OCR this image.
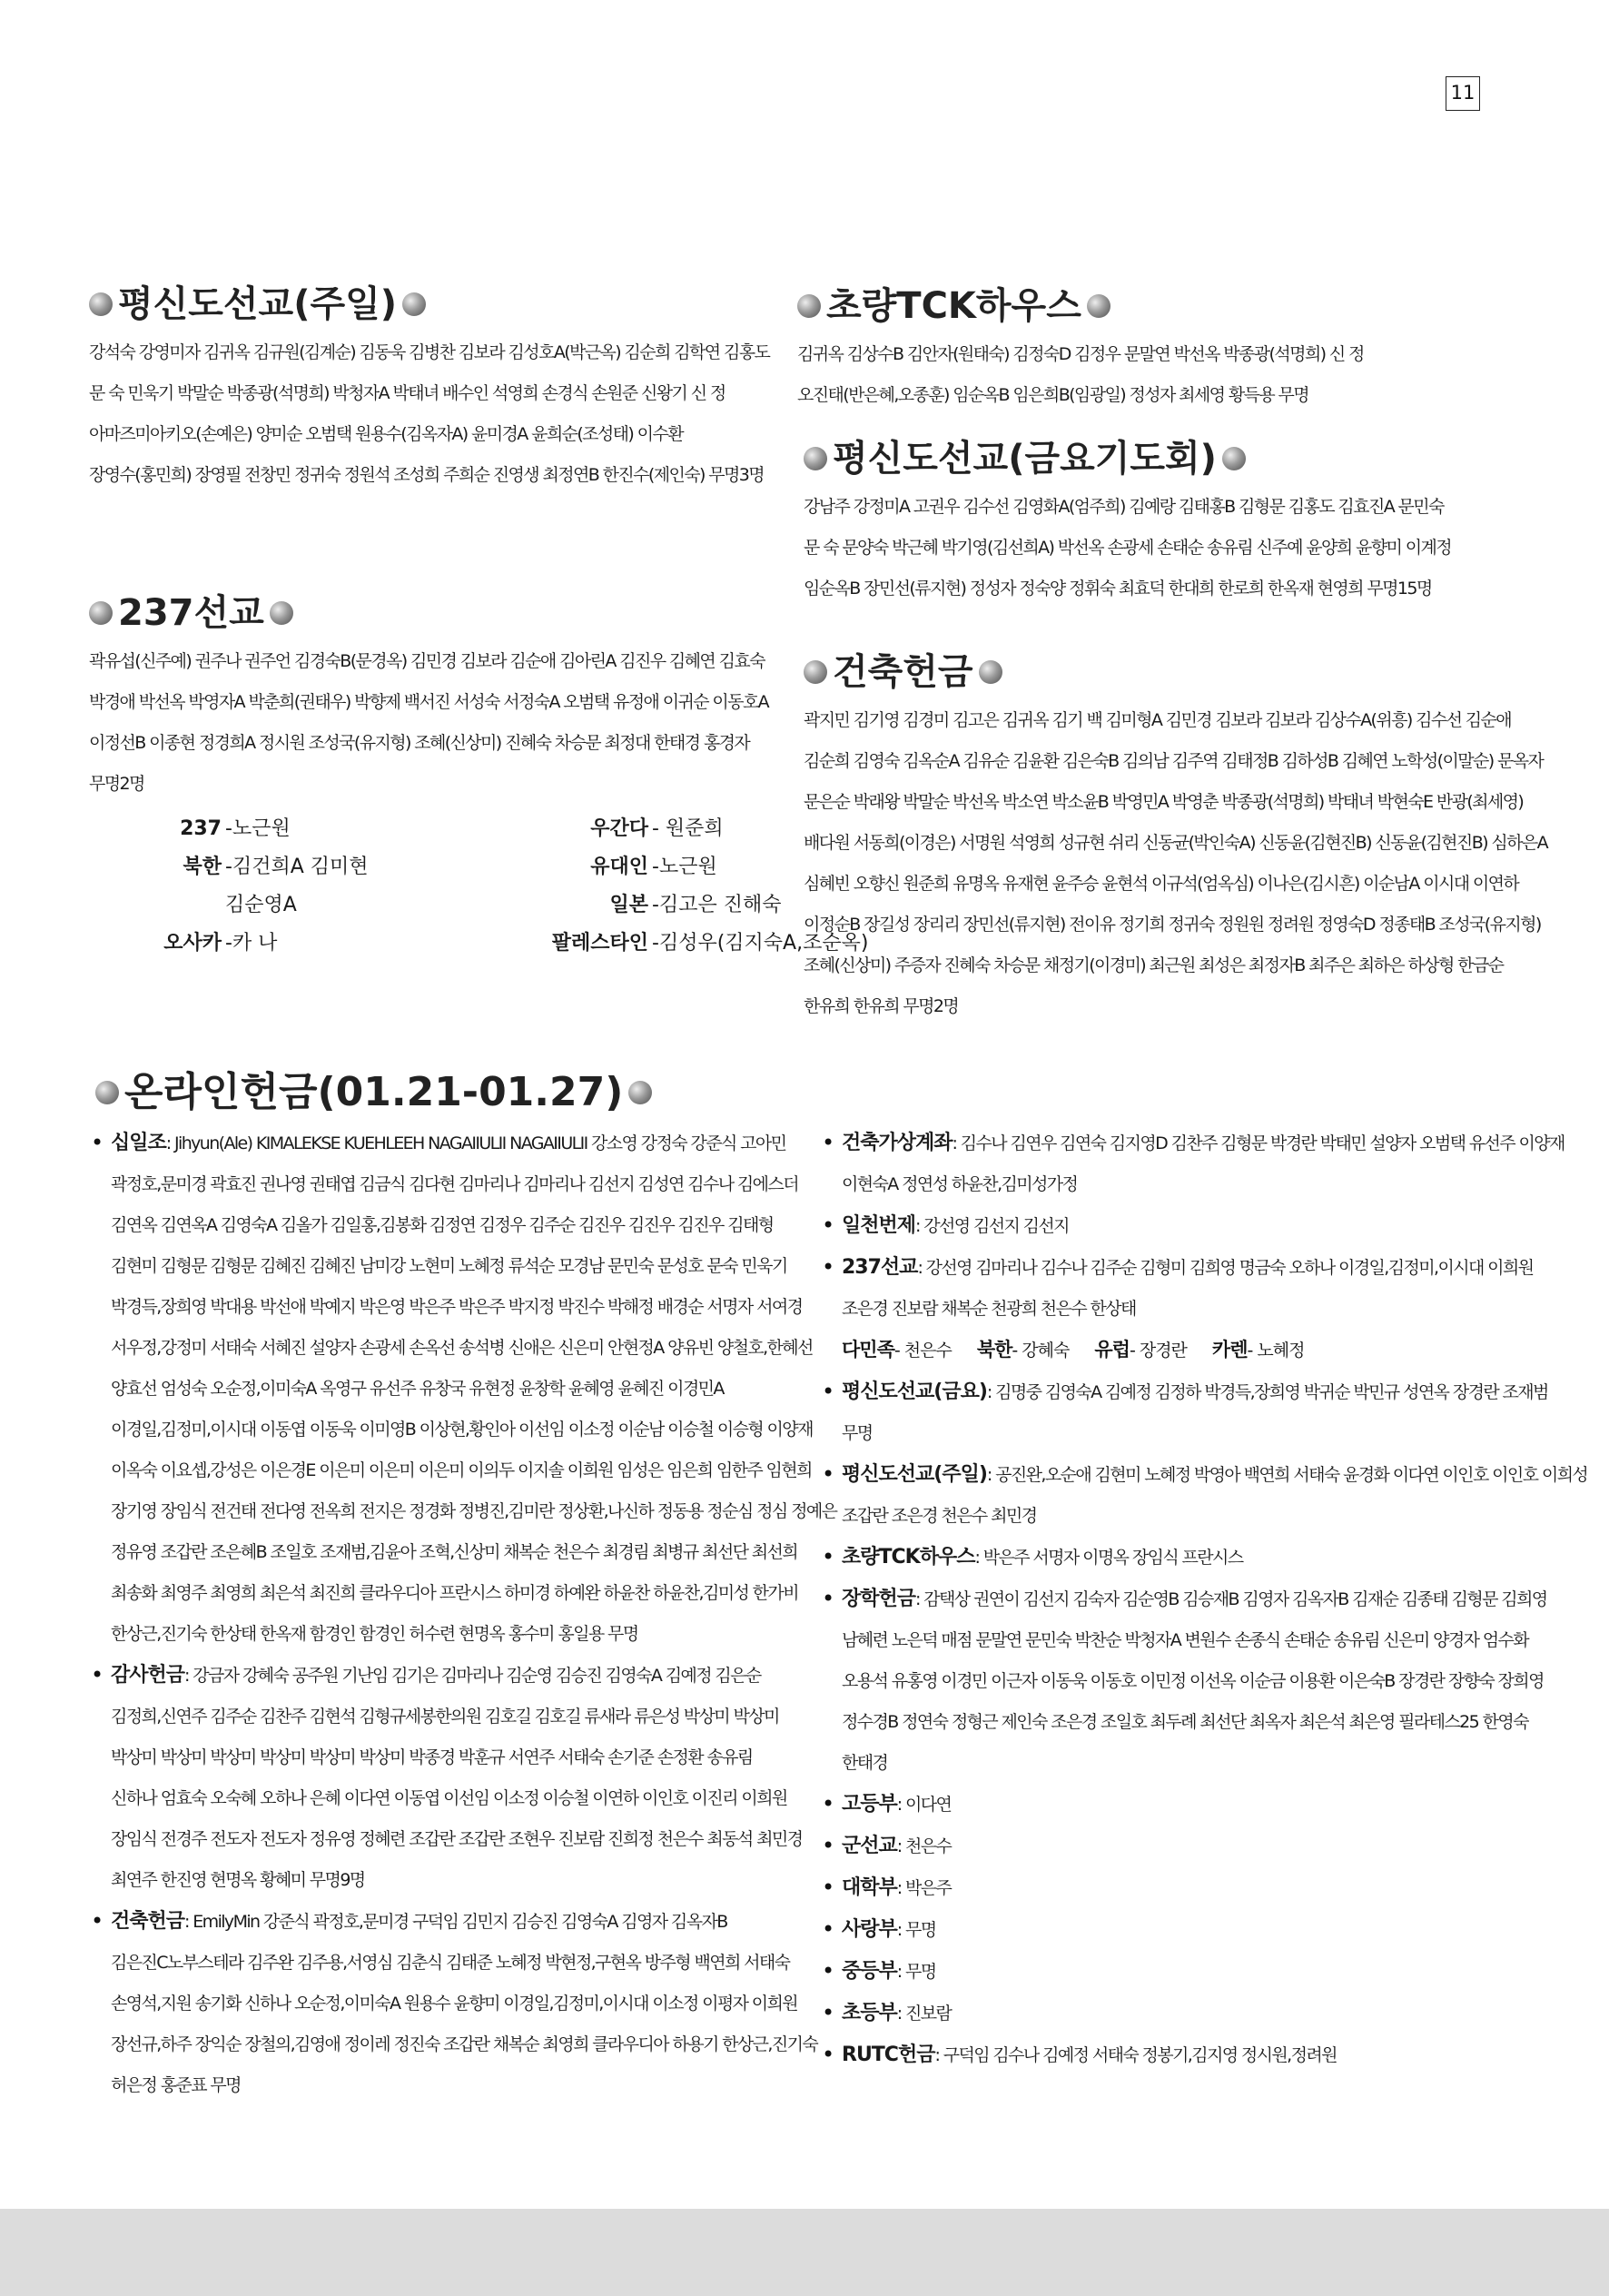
11
평신도선교(주일)
강석숙 강영미자 김귀옥 김규원(김계순) 김동욱 김병찬 김보라 김성호A(박근옥) 김순희 김학연 김홍도
문 숙 민욱기 박말순 박종광(석명희) 박청자A 박태녀 배수인 석영희 손경식 손원준 신왕기 신 정
아마즈미아키오(손예은) 양미순 오범택 원용수(김옥자A) 윤미경A 윤희순(조성태) 이수환
장영수(홍민희) 장영필 전창민 정귀숙 정원석 조성희 주희순 진영생 최정연B 한진수(제인숙) 무명3명
237선교
곽유섭(신주예) 권주나 권주언 김경숙B(문경옥) 김민경 김보라 김순애 김아린A 김진우 김혜연 김효숙
박경애 박선옥 박영자A 박춘희(권태우) 박향제 백서진 서성숙 서정숙A 오범택 유정애 이귀순 이동호A
이정선B 이종현 정경희A 정시원 조성국(유지형) 조혜(신상미) 진혜숙 차승문 최정대 한태경 홍경자
무명2명
237 -노근원	우간다 - 원준희
북한 -김건희A 김미현	유대인 -노근원
김순영A	일본 -김고은 진해숙
오사카 -카 나	팔레스타인 -김성우(김지숙A,조순옥)
초량TCK하우스
김귀옥 김상수B 김안자(원태숙) 김정숙D 김정우 문말연 박선옥 박종광(석명희) 신 정
오진태(반은혜,오종훈) 임순옥B 임은희B(임광일) 정성자 최세영 황득용 무명
평신도선교(금요기도회)
강남주 강정미A 고권우 김수선 김영화A(엄주희) 김예랑 김태홍B 김형문 김홍도 김효진A 문민숙
문 숙 문양숙 박근혜 박기영(김선희A) 박선옥 손광세 손태순 송유림 신주예 윤양희 윤향미 이계정
임순옥B 장민선(류지현) 정성자 정숙양 정휘숙 최효덕 한대희 한로희 한옥재 현영희 무명15명
건축헌금
곽지민 김기영 김경미 김고은 김귀옥 김기 백 김미형A 김민경 김보라 김보라 김상수A(위흥) 김수선 김순애
김순희 김영숙 김옥순A 김유순 김윤환 김은숙B 김의남 김주역 김태정B 김하성B 김혜연 노학성(이말순) 문옥자
문은순 박래왕 박말순 박선옥 박소연 박소윤B 박영민A 박영춘 박종광(석명희) 박태녀 박현숙E 반광(최세영)
배다원 서동희(이경은) 서명원 석영희 성규현 쉬리 신동균(박인숙A) 신동윤(김현진B) 신동윤(김현진B) 심하은A
심혜빈 오향신 원준희 유명옥 유재현 윤주승 윤현석 이규석(엄옥심) 이나은(김시흔) 이순남A 이시대 이연하
이정순B 장길성 장리리 장민선(류지현) 전이유 정기희 정귀숙 정원원 정려원 정영숙D 정종태B 조성국(유지형)
조혜(신상미) 주증자 진혜숙 차승문 채정기(이경미) 최근원 최성은 최정자B 최주은 최하은 하상형 한금순
한유희 한유희 무명2명
온라인헌금(01.21-01.27)
• 십일조: Jihyun(Ale) KIMALEKSE KUEHLEEH NAGAIIULII NAGAIIULII 강소영 강정숙 강준식 고아민
곽정호,문미경 곽효진 권나영 권태엽 김금식 김다현 김마리나 김마리나 김선지 김성연 김수나 김에스더
김연옥 김연옥A 김영숙A 김올가 김일홍,김봉화 김정연 김정우 김주순 김진우 김진우 김진우 김태형
김현미 김형문 김형문 김혜진 김혜진 남미강 노현미 노혜정 류석순 모경남 문민숙 문성호 문숙 민욱기
박경득,장희영 박대용 박선애 박예지 박은영 박은주 박은주 박지정 박진수 박해정 배경순 서명자 서여경
서우정,강정미 서태숙 서혜진 설양자 손광세 손옥선 송석병 신애은 신은미 안현정A 양유빈 양철호,한혜선
양효선 엄성숙 오순정,이미숙A 옥영구 유선주 유창국 유현정 윤창학 윤혜영 윤혜진 이경민A
이경일,김정미,이시대 이동엽 이동욱 이미영B 이상현,황인아 이선임 이소정 이순남 이승철 이승형 이양재
이옥숙 이요셉,강성은 이은경E 이은미 이은미 이은미 이의두 이지솔 이희원 임성은 임은희 임한주 임현희
장기영 장임식 전건태 전다영 전옥희 전지은 정경화 정병진,김미란 정상환,나신하 정동용 정순심 정심 정예은
정유영 조갑란 조은혜B 조일호 조재범,김윤아 조혁,신상미 채복순 천은수 최경림 최병규 최선단 최선희
최송화 최영주 최영희 최은석 최진희 클라우디아 프란시스 하미경 하예완 하윤찬 하윤찬,김미성 한가비
한상근,진기숙 한상태 한옥재 함경인 함경인 허수련 현명옥 홍수미 홍일용 무명
• 감사헌금: 강금자 강혜숙 공주원 기난임 김기은 김마리나 김순영 김승진 김영숙A 김예정 김은순
김정희,신연주 김주순 김찬주 김현석 김형규세봉한의원 김호길 김호길 류새라 류은성 박상미 박상미
박상미 박상미 박상미 박상미 박상미 박상미 박종경 박훈규 서연주 서태숙 손기준 손정환 송유림
신하나 엄효숙 오숙혜 오하나 은혜 이다연 이동엽 이선임 이소정 이승철 이연하 이인호 이진리 이희원
장임식 전경주 전도자 전도자 정유영 정혜련 조갑란 조갑란 조현우 진보람 진희정 천은수 최동석 최민경
최연주 한진영 현명옥 황혜미 무명9명
• 건축헌금: EmilyMin 강준식 곽정호,문미경 구덕임 김민지 김승진 김영숙A 김영자 김옥자B
김은진C노부스테라 김주완 김주용,서영심 김춘식 김태준 노혜정 박현정,구현옥 방주형 백연희 서태숙
손영석,지원 송기화 신하나 오순정,이미숙A 원용수 윤향미 이경일,김정미,이시대 이소정 이평자 이희원
장선규,하주 장익순 장철의,김영애 정이레 정진숙 조갑란 채복순 최영희 클라우디아 하용기 한상근,진기숙
허은정 홍준표 무명
• 건축가상계좌: 김수나 김연우 김연숙 김지영D 김찬주 김형문 박경란 박태민 설양자 오범택 유선주 이양재
이현숙A 정연성 하윤찬,김미성가정
• 일천번제: 강선영 김선지 김선지
• 237선교: 강선영 김마리나 김수나 김주순 김형미 김희영 명금숙 오하나 이경일,김정미,이시대 이희원
조은경 진보람 채복순 천광희 천은수 한상태
다민족- 천은수 북한- 강혜숙 유럽- 장경란 카렌- 노혜정
• 평신도선교(금요): 김명중 김영숙A 김예정 김정하 박경득,장희영 박귀순 박민규 성연옥 장경란 조재범
무명
• 평신도선교(주일): 공진완,오순애 김현미 노혜정 박영아 백연희 서태숙 윤경화 이다연 이인호 이인호 이희성
조갑란 조은경 천은수 최민경
• 초량TCK하우스: 박은주 서명자 이명옥 장임식 프란시스
• 장학헌금: 감택상 권연이 김선지 김숙자 김순영B 김승재B 김영자 김옥자B 김재순 김종태 김형문 김희영
남혜련 노은덕 매점 문말연 문민숙 박찬순 박청자A 변원수 손종식 손태순 송유림 신은미 양경자 엄수화
오용석 유홍영 이경민 이근자 이동욱 이동호 이민정 이선옥 이순금 이용환 이은숙B 장경란 장향숙 장희영
정수경B 정연숙 정형근 제인숙 조은경 조일호 최두례 최선단 최옥자 최은석 최은영 필라테스25 한영숙
한태경
• 고등부: 이다연
• 군선교: 천은수
• 대학부: 박은주
• 사랑부: 무명
• 중등부: 무명
• 초등부: 진보람
• RUTC헌금: 구덕임 김수나 김예정 서태숙 정봉기,김지영 정시원,정려원
